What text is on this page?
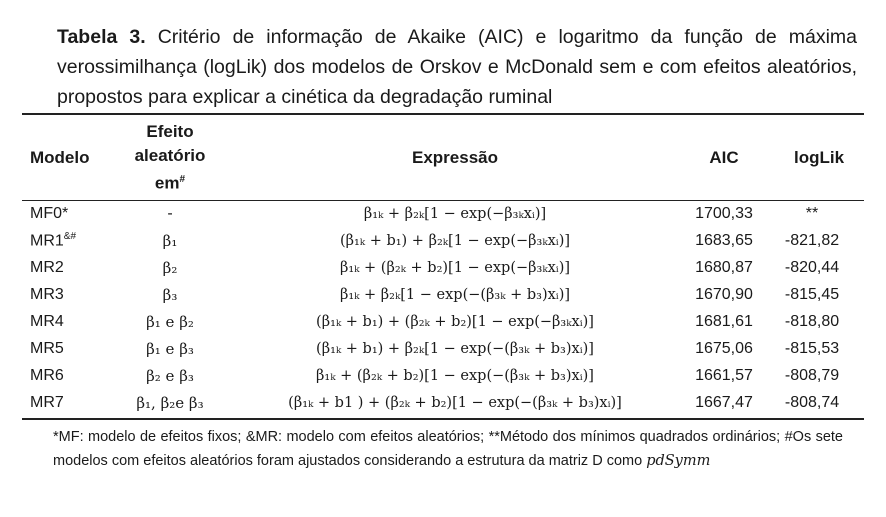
Tabela 3. Critério de informação de Akaike (AIC) e logaritmo da função de máxima verossimilhança (logLik) dos modelos de Orskov e McDonald sem e com efeitos aleatórios, propostos para explicar a cinética da degradação ruminal
Modelo	Efeito
aleatório
em#	Expressão	AIC	logLik
MF0*	-	β₁ₖ + β₂ₖ[1 − exp(−β₃ₖxᵢ)]	1700,33	**
MR1&#	β₁	(β₁ₖ + b₁) + β₂ₖ[1 − exp(−β₃ₖxᵢ)]	1683,65	-821,82
MR2	β₂	β₁ₖ + (β₂ₖ + b₂)[1 − exp(−β₃ₖxᵢ)]	1680,87	-820,44
MR3	β₃	β₁ₖ + β₂ₖ[1 − exp(−(β₃ₖ + b₃)xᵢ)]	1670,90	-815,45
MR4	β₁ e β₂	(β₁ₖ + b₁) + (β₂ₖ + b₂)[1 − exp(−β₃ₖxᵢ)]	1681,61	-818,80
MR5	β₁ e β₃	(β₁ₖ + b₁) + β₂ₖ[1 − exp(−(β₃ₖ + b₃)xᵢ)]	1675,06	-815,53
MR6	β₂ e β₃	β₁ₖ + (β₂ₖ + b₂)[1 − exp(−(β₃ₖ + b₃)xᵢ)]	1661,57	-808,79
MR7	β₁, β₂e β₃	(β₁ₖ + b1 ) + (β₂ₖ + b₂)[1 − exp(−(β₃ₖ + b₃)xᵢ)]	1667,47	-808,74
*MF: modelo de efeitos fixos; &MR: modelo com efeitos aleatórios; **Método dos mínimos quadrados ordinários; #Os sete modelos com efeitos aleatórios foram ajustados considerando a estrutura da matriz D como pdSymm
